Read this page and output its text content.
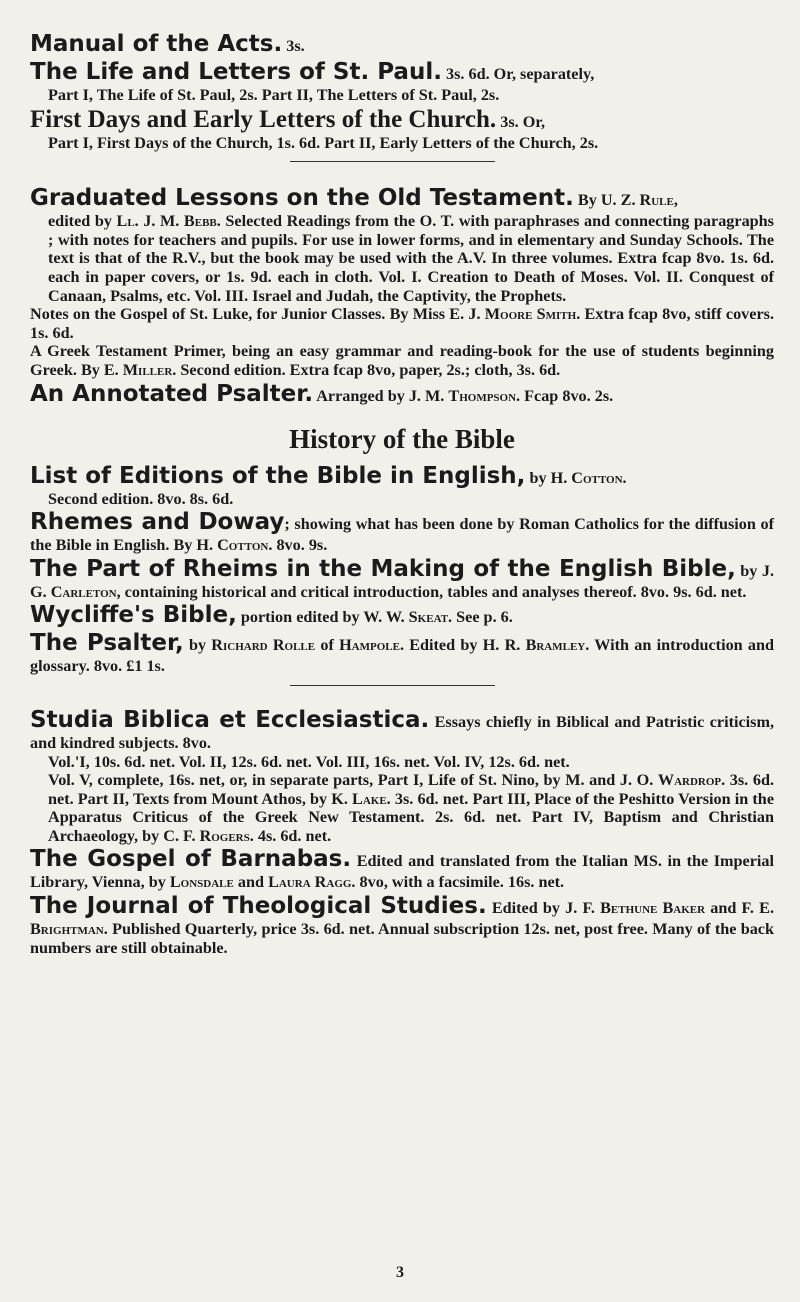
Manual of the Acts. 3s.

The Life and Letters of St. Paul. 3s. 6d. Or, separately,

Part I, The Life of St. Paul, 2s. Part II, The Letters of St. Paul, 2s.

First Days and Early Letters of the Church. 3s. Or,

Part I, First Days of the Church, 1s. 6d. Part II, Early Letters of the Church, 2s.

Graduated Lessons on the Old Testament. By U. Z. Rule,

edited by Ll. J. M. Bebb. Selected Readings from the O. T. with paraphrases and connecting paragraphs ; with notes for teachers and pupils. For use in lower forms, and in elementary and Sunday Schools. The text is that of the R.V., but the book may be used with the A.V. In three volumes. Extra fcap 8vo. 1s. 6d. each in paper covers, or 1s. 9d. each in cloth. Vol. I. Creation to Death of Moses. Vol. II. Conquest of Canaan, Psalms, etc. Vol. III. Israel and Judah, the Captivity, the Prophets.

Notes on the Gospel of St. Luke, for Junior Classes. By Miss E. J. Moore Smith. Extra fcap 8vo, stiff covers. 1s. 6d.

A Greek Testament Primer, being an easy grammar and reading-book for the use of students beginning Greek. By E. Miller. Second edition. Extra fcap 8vo, paper, 2s.; cloth, 3s. 6d.

An Annotated Psalter. Arranged by J. M. Thompson. Fcap 8vo. 2s.

History of the Bible

List of Editions of the Bible in English, by H. Cotton.

Second edition. 8vo. 8s. 6d.

Rhemes and Doway; showing what has been done by Roman Catholics for the diffusion of the Bible in English. By H. Cotton. 8vo. 9s.

The Part of Rheims in the Making of the English Bible, by J. G. Carleton, containing historical and critical introduction, tables and analyses thereof. 8vo. 9s. 6d. net.

Wycliffe's Bible, portion edited by W. W. Skeat. See p. 6.

The Psalter, by Richard Rolle of Hampole. Edited by H. R. Bramley. With an introduction and glossary. 8vo. £1 1s.

Studia Biblica et Ecclesiastica. Essays chiefly in Biblical and Patristic criticism, and kindred subjects. 8vo.

Vol.'I, 10s. 6d. net. Vol. II, 12s. 6d. net. Vol. III, 16s. net. Vol. IV, 12s. 6d. net.

Vol. V, complete, 16s. net, or, in separate parts, Part I, Life of St. Nino, by M. and J. O. Wardrop. 3s. 6d. net. Part II, Texts from Mount Athos, by K. Lake. 3s. 6d. net. Part III, Place of the Peshitto Version in the Apparatus Criticus of the Greek New Testament. 2s. 6d. net. Part IV, Baptism and Christian Archaeology, by C. F. Rogers. 4s. 6d. net.

The Gospel of Barnabas. Edited and translated from the Italian MS. in the Imperial Library, Vienna, by Lonsdale and Laura Ragg. 8vo, with a facsimile. 16s. net.

The Journal of Theological Studies. Edited by J. F. Bethune Baker and F. E. Brightman. Published Quarterly, price 3s. 6d. net. Annual subscription 12s. net, post free. Many of the back numbers are still obtainable.

3
